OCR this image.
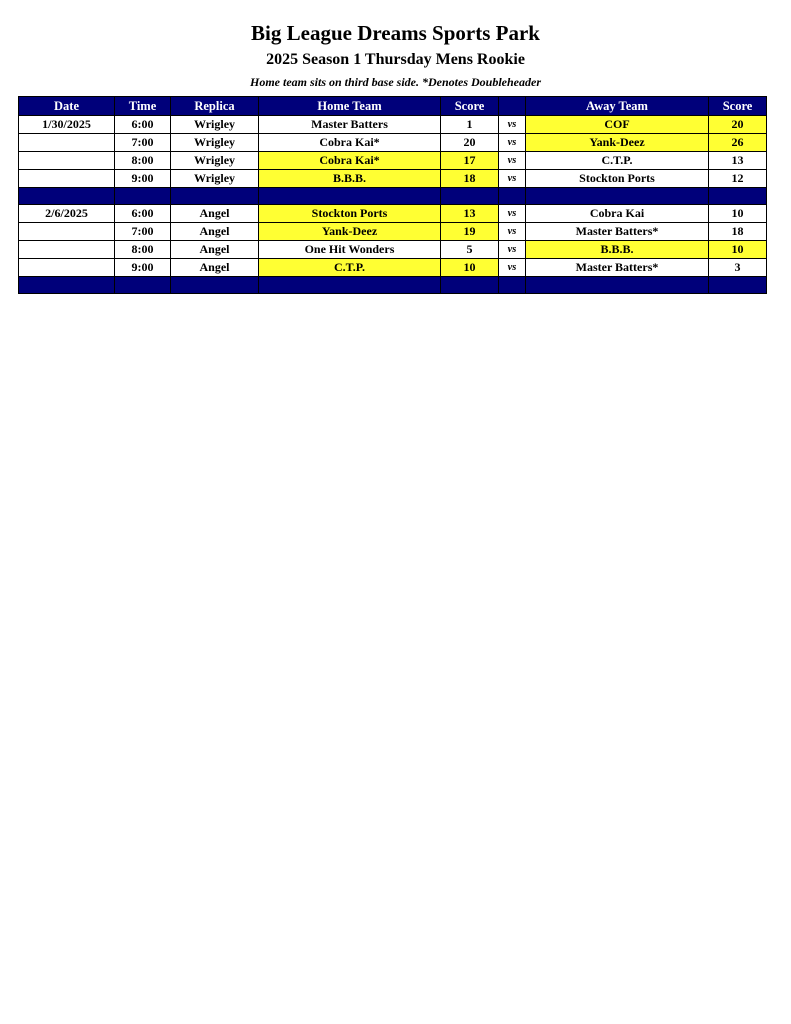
Big League Dreams Sports Park
2025 Season 1 Thursday Mens Rookie
Home team sits on third base side. *Denotes Doubleheader
Date	Time	Replica	Home Team	Score		Away Team	Score
1/30/2025	6:00	Wrigley	Master Batters	1	vs	COF	20
	7:00	Wrigley	Cobra Kai*	20	vs	Yank-Deez	26
	8:00	Wrigley	Cobra Kai*	17	vs	C.T.P.	13
	9:00	Wrigley	B.B.B.	18	vs	Stockton Ports	12

2/6/2025	6:00	Angel	Stockton Ports	13	vs	Cobra Kai	10
	7:00	Angel	Yank-Deez	19	vs	Master Batters*	18
	8:00	Angel	One Hit Wonders	5	vs	B.B.B.	10
	9:00	Angel	C.T.P.	10	vs	Master Batters*	3
